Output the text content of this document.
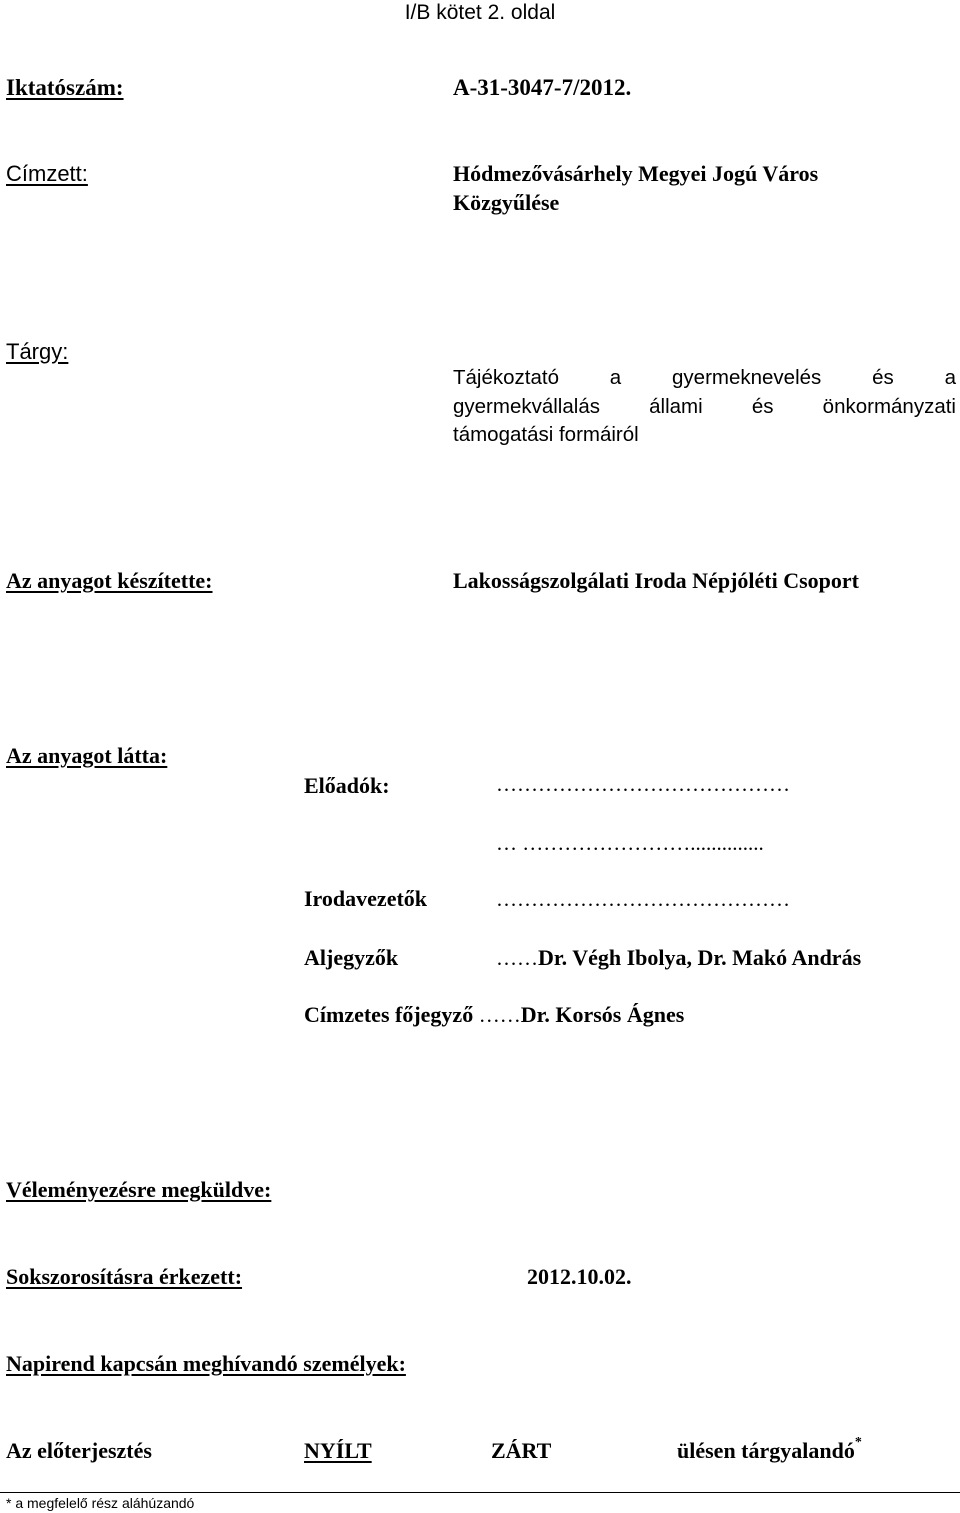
I/B kötet 2. oldal
Iktatószám:	A-31-3047-7/2012.
Címzett:	Hódmezővásárhely Megyei Jogú Város
Közgyűlése
Tárgy:
Tájékoztató a gyermeknevelés és a
gyermekvállalás állami és önkormányzati
támogatási formáiról
Az anyagot készítette:	Lakosságszolgálati Iroda Népjóléti Csoport
Az anyagot látta:
Előadók:	……………………………………
… ……………………..............
Irodavezetők	……………………………………
Aljegyzők	……Dr. Végh Ibolya, Dr. Makó András
Címzetes főjegyző ……Dr. Korsós Ágnes
Véleményezésre megküldve:
Sokszorosításra érkezett:	2012.10.02.
Napirend kapcsán meghívandó személyek:
Az előterjesztés	NYÍLT	ZÁRT	ülésen tárgyalandó*
* a megfelelő rész aláhúzandó
